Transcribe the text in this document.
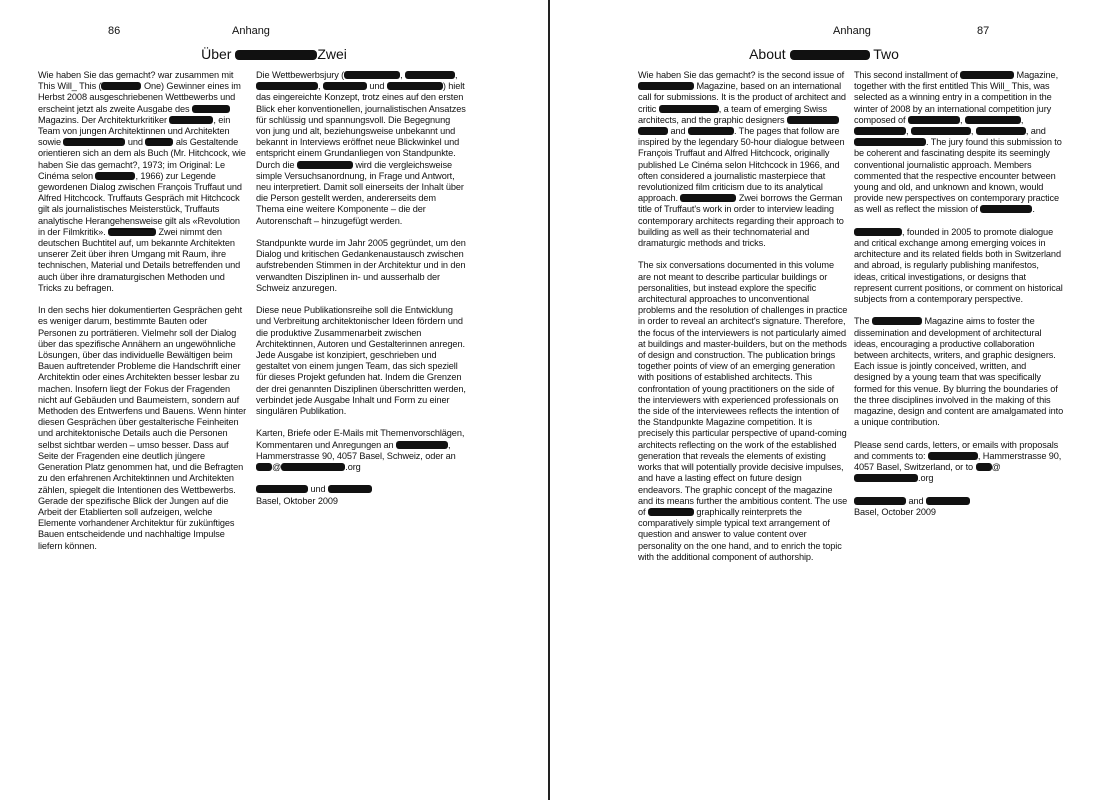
86	Anhang
Über	Zwei

Wie haben Sie das gemacht? war zusammen mit This Will_ This (	One) Gewinner eines im Herbst 2008 ausgeschriebenen Wettbewerbs und erscheint jetzt als zweite Ausgabe des  Magazins. Der Architekturkritiker	, ein Team von jungen Architektinnen und Architekten sowie	und	als Gestaltende orientieren sich an dem als Buch (Mr. Hitchcock, wie haben Sie das gemacht?, 1973; im Original: Le Cinéma selon	, 1966) zur Legende gewordenen Dialog zwischen François Truffaut und Alfred Hitchcock. Truffauts Gespräch mit Hitchcock gilt als journalistisches Meisterstück, Truffauts analytische Herangehensweise gilt als «Revolution in der Filmkritik».	Zwei nimmt den deutschen Buchtitel auf, um bekannte Architekten unserer Zeit über ihren Umgang mit Raum, ihre technischen, Material und Details betreffenden und auch über ihre dramaturgischen Methoden und Tricks zu befragen.

In den sechs hier dokumentierten Gesprächen geht es weniger darum, bestimmte Bauten oder Personen zu porträtieren. Vielmehr soll der Dialog über das spezifische Annähern an ungewöhnliche Lösungen, über das individuelle Bewältigen beim Bauen auftretender Probleme die Handschrift einer Architektin oder eines Architekten besser lesbar zu machen. Insofern liegt der Fokus der Fragenden nicht auf Gebäuden und Baumeistern, sondern auf Methoden des Entwerfens und Bauens. Wenn hinter diesen Gesprächen über gestalterische Feinheiten und architektonische Details auch die Personen selbst sichtbar werden – umso besser. Dass auf Seite der Fragenden eine deutlich jüngere Generation Platz genommen hat, und die Befragten zu den erfahrenen Architektinnen und Architekten zählen, spiegelt die Intentionen des Wettbewerbs. Gerade der spezifische Blick der Jungen auf die Arbeit der Etablierten soll aufzeigen, welche Elemente vorhandener Architektur für zukünftiges Bauen entscheidende und nachhaltige Impulse liefern können.

Die Wettbewerbsjury (	,	, ,	und	) hielt das eingereichte Konzept, trotz eines auf den ersten Blick eher konventionellen, journalistischen Ansatzes für schlüssig und spannungsvoll. Die Begegnung von jung und alt, beziehungsweise unbekannt und bekannt in Interviews eröffnet neue Blickwinkel und entspricht einem Grundanliegen von Standpunkte. Durch die	wird die vergleichsweise simple Versuchsanordnung, in Frage und Antwort, neu interpretiert. Damit soll einerseits der Inhalt über die Person gestellt werden, andererseits dem Thema eine weitere Komponente – die der Autorenschaft – hinzugefügt werden.

Standpunkte wurde im Jahr 2005 gegründet, um den Dialog und kritischen Gedankenaustausch zwischen aufstrebenden Stimmen in der Architektur und in den verwandten Disziplinen in- und ausserhalb der Schweiz anzuregen.

Diese neue Publikationsreihe soll die Entwicklung und Verbreitung architektonischer Ideen fördern und die produktive Zusammenarbeit zwischen Architektinnen, Autoren und Gestalterinnen anregen. Jede Ausgabe ist konzipiert, geschrieben und gestaltet von einem jungen Team, das sich speziell für dieses Projekt gefunden hat. Indem die Grenzen der drei genannten Disziplinen überschritten werden, verbindet jede Ausgabe Inhalt und Form zu einer singulären Publikation.

Karten, Briefe oder E-Mails mit Themenvorschlägen, Kommentaren und Anregungen an	, Hammerstrasse 90, 4057 Basel, Schweiz, oder an @	.org

und
Basel, Oktober 2009

Anhang	87
About	Two

Wie haben Sie das gemacht? is the second issue of  Magazine, based on an international call for submissions. It is the product of architect and critic	, a team of emerging Swiss architects, and the graphic designers   and	. The pages that follow are inspired by the legendary 50-hour dialogue between François Truffaut and Alfred Hitchcock, originally published Le Cinéma selon Hitchcock in 1966, and often considered a journalistic masterpiece that revolutionized film criticism due to its analytical approach.	Zwei borrows the German title of Truffaut's work in order to interview leading contemporary architects regarding their approach to building as well as their technomaterial and dramaturgic methods and tricks.

The six conversations documented in this volume are not meant to describe particular buildings or personalities, but instead explore the specific architectural approaches to unconventional problems and the resolution of challenges in practice in order to reveal an architect's signature. Therefore, the focus of the interviewers is not particularly aimed at buildings and master-builders, but on the methods of design and construction. The publication brings together points of view of an emerging generation with positions of established architects. This confrontation of young practitioners on the side of the interviewers with experienced professionals on the side of the interviewees reflects the intention of the Standpunkte Magazine competition. It is precisely this particular perspective of upand-coming architects reflecting on the work of the established generation that reveals the elements of existing works that will potentially provide decisive impulses, and have a lasting effect on future design endeavors. The graphic concept of the magazine and its means further the ambitious content. The use of	graphically reinterprets the comparatively simple typical text arrangement of question and answer to value content over personality on the one hand, and to enrich the topic with the additional component of authorship.

This second installment of	Magazine, together with the first entitled This Will_ This, was selected as a winning entry in a competition in the winter of 2008 by an international competition jury composed of	,	, ,	,	, and . The jury found this submission to be coherent and fascinating despite its seemingly conventional journalistic approach. Members commented that the respective encounter between young and old, and unknown and known, would provide new perspectives on contemporary practice as well as reflect the mission of	.

, founded in 2005 to promote dialogue and critical exchange among emerging voices in architecture and its related fields both in Switzerland and abroad, is regularly publishing manifestos, ideas, critical investigations, or designs that represent current positions, or comment on historical subjects from a contemporary perspective.

The	Magazine aims to foster the dissemination and development of architectural ideas, encouraging a productive collaboration between architects, writers, and graphic designers. Each issue is jointly conceived, written, and designed by a young team that was specifically formed for this venue. By blurring the boundaries of the three disciplines involved in the making of this magazine, design and content are amalgamated into a unique contribution.

Please send cards, letters, or emails with proposals and comments to:	, Hammerstrasse 90, 4057 Basel, Switzerland, or to @.org

and
Basel, October 2009
